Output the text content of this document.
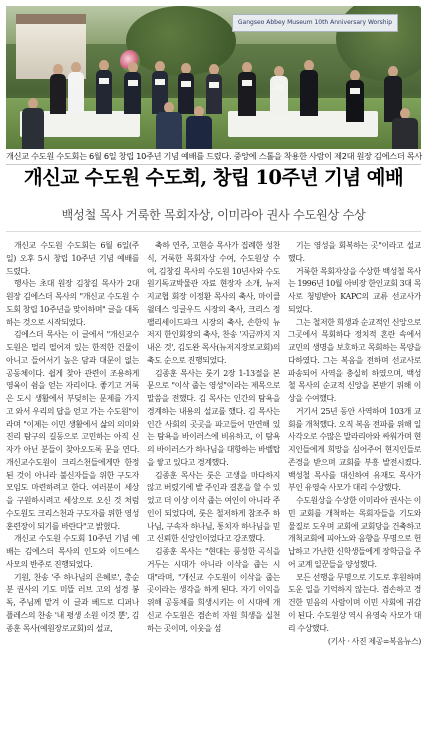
Gangseo Abbey Museum 10th Anniversary Worship
개신교 수도원 수도회는 6월 6일 창립 10주년 기념 예배를 드렸다. 중앙에 스톨을 착용한 사람이 제2대 원장 김에스더 목사
개신교 수도원 수도회, 창립 10주년 기념 예배
백성철 목사 거룩한 목회자상, 이미라아 권사 수도원상 수상

개신교 수도원 수도회는 6월 6일(주일) 오후 5시 창립 10주년 기념 예배를 드렸다.

행사는 초대 원장 김창길 목사가 2대 원장 김에스더 목사의 "개신교 수도원 수도회 창립 10주년을 맞이하며" 글을 대독하는 것으로 시작되었다.

김에스더 목사는 이 글에서 "개신교수도원은 멀리 떨어져 있는 한적한 건물이 아니고 들어서기 높은 담과 대문이 없는 공동체이다. 쉽게 찾아 관련이 조용하게 영육이 쉼을 얻는 자리이다. 좋기고 거룩은 도시 생활에서 부딪히는 문제를 가지고 와서 우리의 답을 얻고 가는 수도원"이라며 "이제는 이민 생활에서 삶의 의미와 진리 탐구의 길동으로 고민하는 아직 신자가 아닌 분들이 찾아오도록 문을 연다. 개신교수도원이 크리스천들에게만 한정된 것이 아니라 불신자들을 위한 구도자 모임도 마련하려고 한다. 여러분이 세상을 구원하시려고 세상으로 오신 것 처럼 수도원도 크리스천과 구도자를 위한 영성 훈련장이 되기를 바란다"고 밝혔다.

개신교 수도원 수도회 10주년 기념 예배는 김에스더 목사의 인도와 이드에스 사모의 반주로 진행되었다.

기원, 찬송 '주 하나님의 은혜로', 총순분 권사의 기도 미뜰 러브 고의 성경 봉독, 주님께 맡겨 이 글과 베드로 디퍼나 플레스의 찬송 '내 평생 소원 이것 뿐', 김종훈 목사(예원장로교회)의 설교,

축하 연주, 고현승 목사가 집례한 성찬식, 거룩한 목회자상 수여, 수도원상 수여, 김창길 목사의 수도원 10년사와 수도원기독교박물관 자료 현장자 소개, 뉴저지교협 회장 이정환 목사의 축사, 마이클 윌데스 잉글우드 시장의 축사, 크리스 정 팰리세이드파크 시장의 축사, 손한익 뉴저지 한인회장의 축사, 찬송 '지금까지 지내온 것', 김도완 목사(뉴저지장로교회)의 축도 순으로 진행되었다.

김종훈 목사는 룻기 2장 1-13절을 본문으로 "이삭 줍는 영성"이라는 제목으로 말씀을 전했다. 김 목사는 인간의 탐욕을 경계하는 내용의 설교를 했다. 김 목사는 인간 사회의 곳곳을 파고들어 만연해 있는 탐욕을 바이러스에 비유하고, 이 탐욕의 바이러스가 하나님을 대항하는 바벨탑을 쌓고 있다고 경계했다.

김종훈 목사는 룻은 고생을 마다하지 않고 버렸기에 밭 주인과 결혼을 할 수 있었고 더 이상 이삭 줍는 여인이 아니라 주인이 되었다며, 룻은 철저하게 참조주 하나님, 구속자 하나님, 통치자 하나님을 믿고 신뢰한 신앙인이었다고 강조했다.

김종훈 목사는 "현대는 풍성한 곡식을 거두는 시대가 아니라 이삭을 줍는 시대"라며, "개신교 수도원이 이삭을 줍는 곳이라는 생각을 하게 된다. 자기 이익을 위해 공동체를 희생시키는 이 시대에 개신교 수도원은 겸손히 자원 희생을 실천하는 곳이며, 이웃을 섬

기는 영성을 회복하는 곳"이라고 설교했다.

거룩한 목회자상을 수상한 백성철 목사는 1996년 10월 아비장 한인교회 3대 목사로 청빙받아 KAPC의 교류 선교사가 되었다.

그는 철저한 희생과 순교적인 신앙으로 그곳에서 목회하다 정치적 혼란 속에서 교민의 생명을 보호하고 목회하는 목양을 다하였다. 그는 복음을 전하며 선교사로 파송되어 사역을 충실히 하였으며, 백성철 목사의 순교적 신앙을 본받기 위해 이 상을 수여했다.

거기서 25년 동안 사역하며 103개 교회를 개척했다. 오직 복음 전파를 위해 일사각오로 수많은 말라리아와 싸워가며 현지인들에게 희망을 심어주어 현지인들로 존경을 받으며 교회를 부흥 발전시켰다. 백성철 목사를 대신하여 유재도 목사가 부인 유영숙 사모가 대리 수상했다.

수도원상을 수상한 이미라아 권사는 이민 교회를 개척하는 목회자들을 기도와 물질로 도우며 교회에 교회당을 건축하고 개척교회에 피아노와 음향을 무명으로 헌납하고 가난한 신학생들에게 장학금을 주어 교계 일꾼들을 양성했다.

모든 선행을 무명으로 기도로 후원하며 도운 일을 기억하지 않는다. 겸손하고 경건한 믿음의 사람이며 이민 사회에 귀감이 된다. 수도원상 역시 유영숙 사모가 대리 수상했다.

(기사 · 사진 제공=복음뉴스)
